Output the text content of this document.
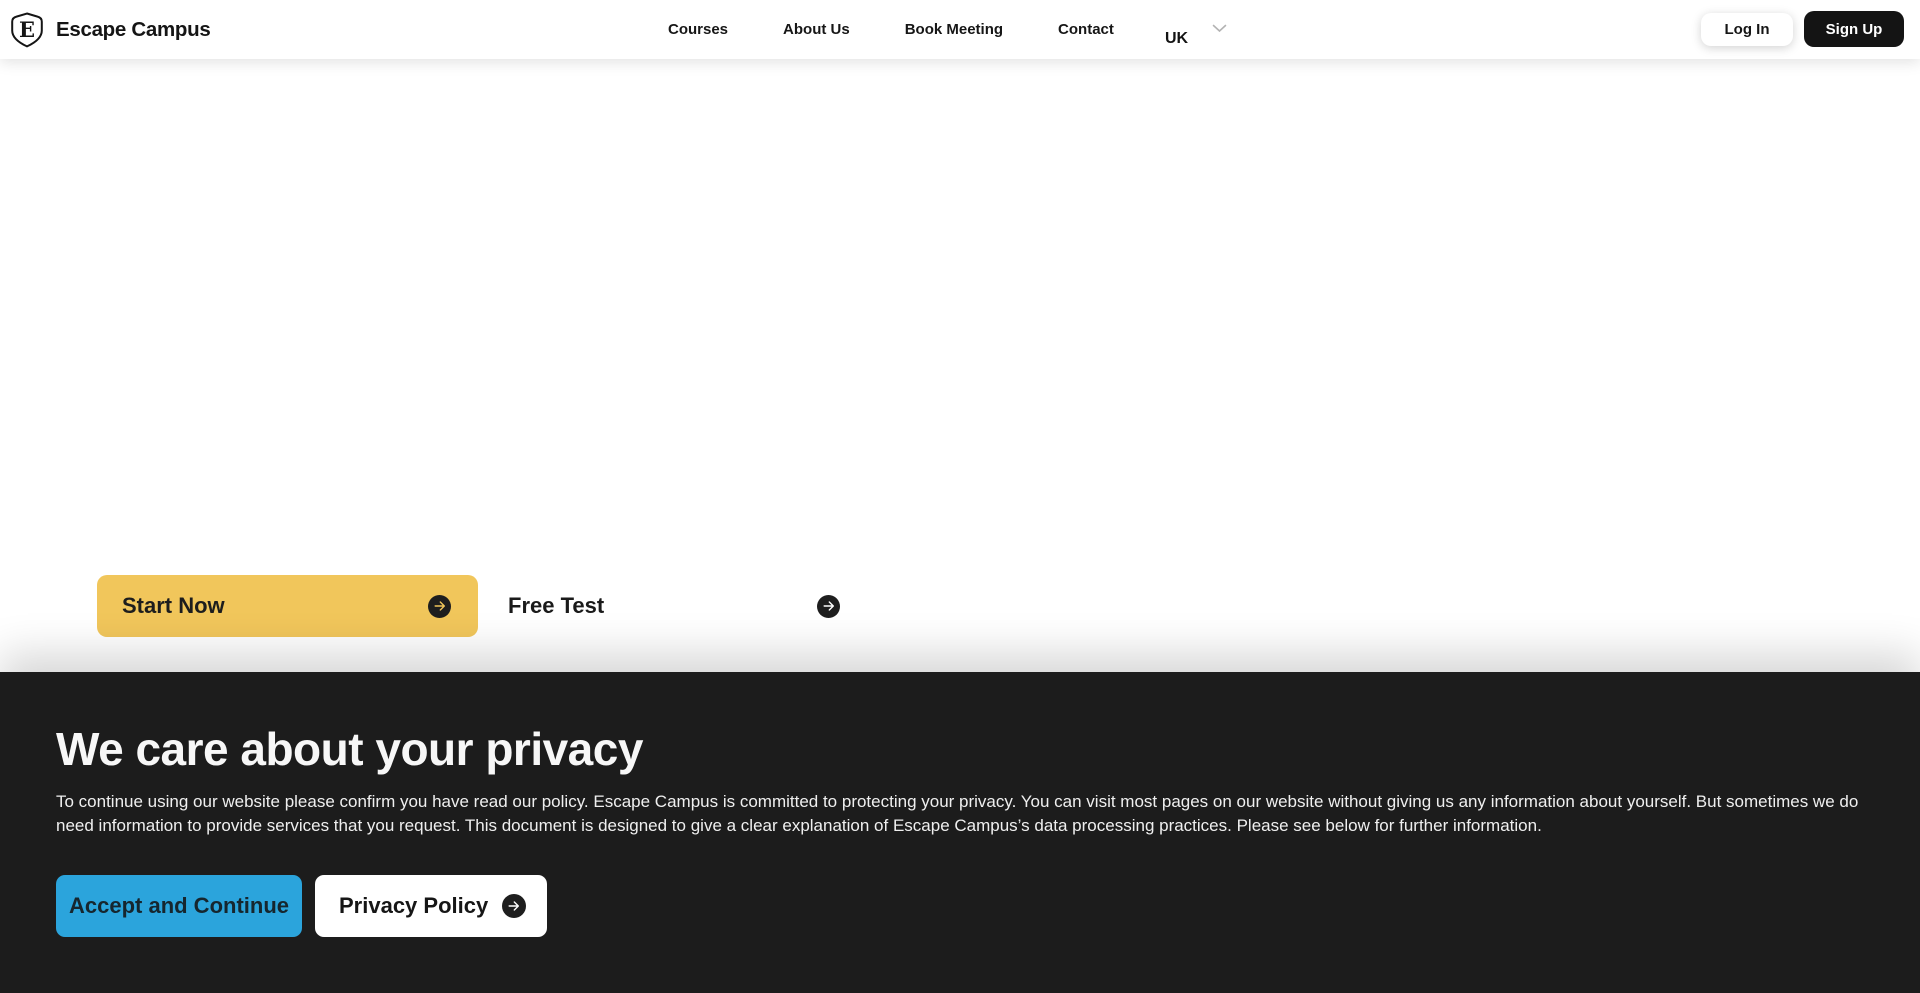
E Escape Campus	Courses	About Us	Book Meeting	Contact
UK
Log In	Sign Up
Start Now	Free Test
We care about your privacy

To continue using our website please confirm you have read our policy. Escape Campus is committed to protecting your privacy. You can visit most pages on our website without giving us any information about yourself. But sometimes we do need information to provide services that you request. This document is designed to give a clear explanation of Escape Campus’s data processing practices. Please see below for further information.

Accept and Continue Privacy Policy
